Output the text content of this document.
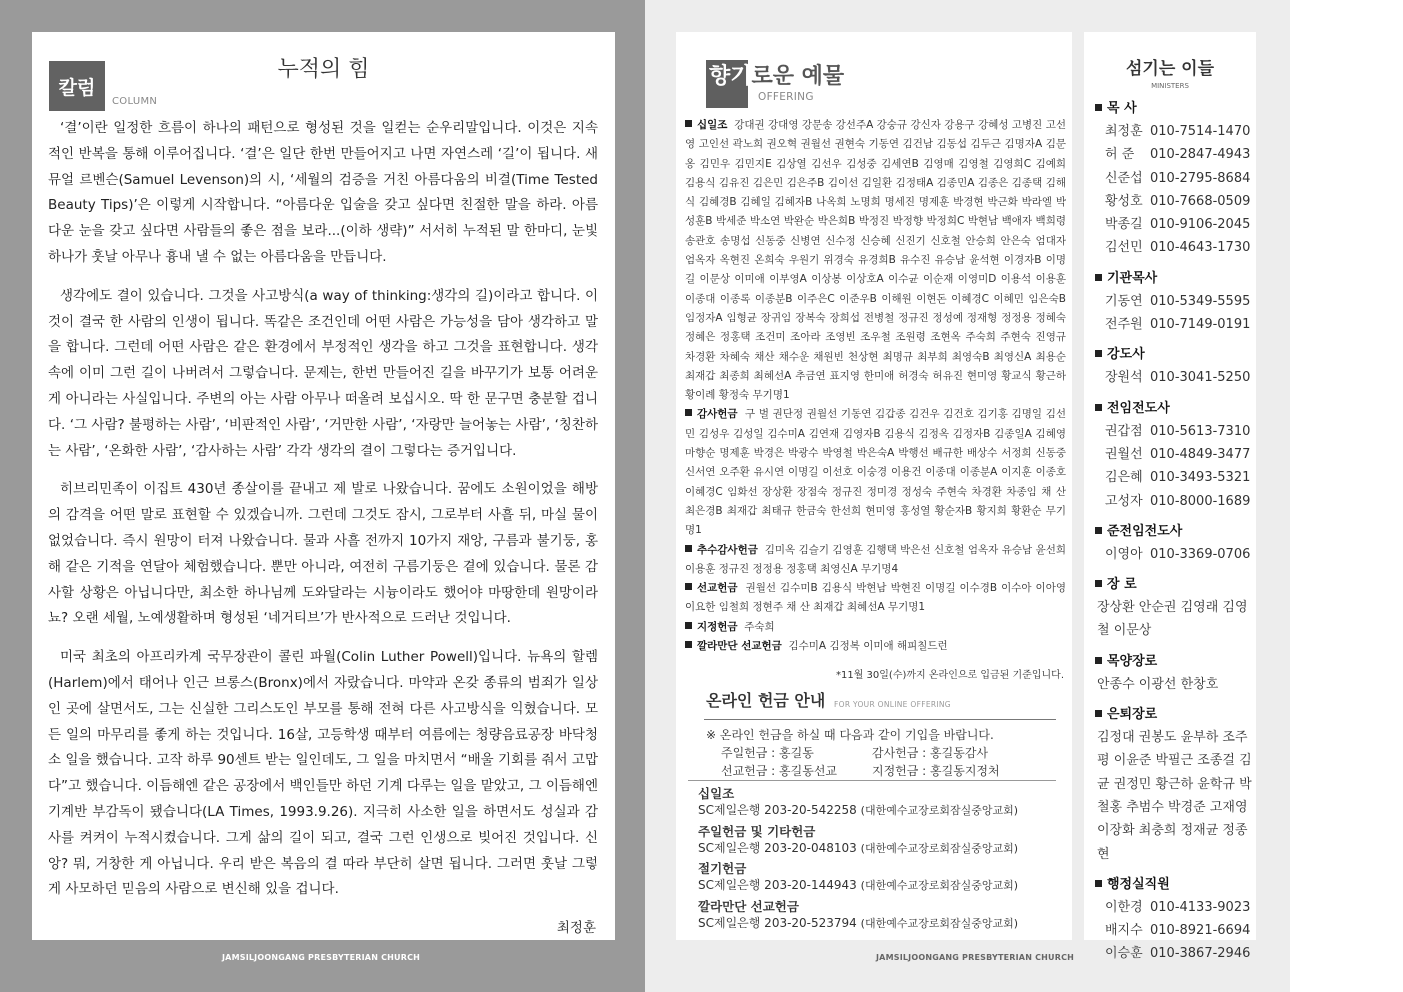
칼럼
COLUMN
누적의 힘

‘결’이란 일정한 흐름이 하나의 패턴으로 형성된 것을 일컫는 순우리말입니다. 이것은 지속적인 반복을 통해 이루어집니다. ‘결’은 일단 한번 만들어지고 나면 자연스레 ‘길’이 됩니다. 새뮤얼 르벤슨(Samuel Levenson)의 시, ‘세월의 검증을 거친 아름다움의 비결(Time Tested Beauty Tips)’은 이렇게 시작합니다. “아름다운 입술을 갖고 싶다면 친절한 말을 하라. 아름다운 눈을 갖고 싶다면 사람들의 좋은 점을 보라...(이하 생략)” 서서히 누적된 말 한마디, 눈빛 하나가 훗날 아무나 흉내 낼 수 없는 아름다움을 만듭니다.

생각에도 결이 있습니다. 그것을 사고방식(a way of thinking:생각의 길)이라고 합니다. 이것이 결국 한 사람의 인생이 됩니다. 똑같은 조건인데 어떤 사람은 가능성을 담아 생각하고 말을 합니다. 그런데 어떤 사람은 같은 환경에서 부정적인 생각을 하고 그것을 표현합니다. 생각 속에 이미 그런 길이 나버려서 그렇습니다. 문제는, 한번 만들어진 길을 바꾸기가 보통 어려운 게 아니라는 사실입니다. 주변의 아는 사람 아무나 떠올려 보십시오. 딱 한 문구면 충분할 겁니다. ‘그 사람? 불평하는 사람’, ‘비판적인 사람’, ‘거만한 사람’, ‘자랑만 늘어놓는 사람’, ‘칭찬하는 사람’, ‘온화한 사람’, ‘감사하는 사람’ 각각 생각의 결이 그렇다는 증거입니다.

히브리민족이 이집트 430년 종살이를 끝내고 제 발로 나왔습니다. 꿈에도 소원이었을 해방의 감격을 어떤 말로 표현할 수 있겠습니까. 그런데 그것도 잠시, 그로부터 사흘 뒤, 마실 물이 없었습니다. 즉시 원망이 터져 나왔습니다. 물과 사흘 전까지 10가지 재앙, 구름과 불기둥, 홍해 같은 기적을 연달아 체험했습니다. 뿐만 아니라, 여전히 구름기둥은 곁에 있습니다. 물론 감사할 상황은 아닙니다만, 최소한 하나님께 도와달라는 시늉이라도 했어야 마땅한데 원망이라뇨? 오랜 세월, 노예생활하며 형성된 ‘네거티브’가 반사적으로 드러난 것입니다.

미국 최초의 아프리카계 국무장관이 콜린 파월(Colin Luther Powell)입니다. 뉴욕의 할렘(Harlem)에서 태어나 인근 브롱스(Bronx)에서 자랐습니다. 마약과 온갖 종류의 범죄가 일상인 곳에 살면서도, 그는 신실한 그리스도인 부모를 통해 전혀 다른 사고방식을 익혔습니다. 모든 일의 마무리를 좋게 하는 것입니다. 16살, 고등학생 때부터 여름에는 청량음료공장 바닥청소 일을 했습니다. 고작 하루 90센트 받는 일인데도, 그 일을 마치면서 “배울 기회를 줘서 고맙다”고 했습니다. 이듬해엔 같은 공장에서 백인들만 하던 기계 다루는 일을 맡았고, 그 이듬해엔 기계반 부감독이 됐습니다(LA Times, 1993.9.26). 지극히 사소한 일을 하면서도 성실과 감사를 켜켜이 누적시켰습니다. 그게 삶의 길이 되고, 결국 그런 인생으로 빚어진 것입니다. 신앙? 뭐, 거창한 게 아닙니다. 우리 받은 복음의 결 따라 부단히 살면 됩니다. 그러면 훗날 그렇게 사모하던 믿음의 사람으로 변신해 있을 겁니다.

최정훈
JAMSILJOONGANG PRESBYTERIAN CHURCH
향기로운 예물
OFFERING

십일조 강대권 강대영 강문송 강선주A 강숭규 강신자 강용구 강혜성 고병진 고선영 고인선 곽노희 권오혁 권월선 권현숙 기동연 김건남 김동섭 김두근 김명자A 김문옹 김민우 김민지E 김상열 김선우 김성중 김세연B 김영매 김영철 김영희C 김예희 김용식 김유진 김은민 김은주B 김이선 김일환 김정태A 김종민A 김종은 김종택 김해식 김혜경B 김혜일 김혜자B 나옥희 노명희 명세진 명제훈 박경현 박근화 박라엘 박성훈B 박세준 박소연 박완순 박은희B 박정진 박정향 박정희C 박현남 백애자 백희령 송관호 송명섭 신동중 신병연 신수정 신승혜 신진기 신호철 안승희 안은숙 엄대자 엄옥자 옥현진 온희숙 우원기 위경숙 유경희B 유수진 유승남 윤석현 이경자B 이명길 이문상 이미애 이부영A 이상봉 이상호A 이수균 이순재 이영미D 이용석 이용훈 이종대 이종록 이종분B 이주은C 이준우B 이해원 이현돈 이혜경C 이혜민 임은숙B 임정자A 임형균 장귀임 장복숙 장희섭 전병철 정규진 정성예 정재형 정정용 정혜숙 정혜은 정홍택 조건미 조아라 조영빈 조우철 조원령 조현옥 주숙희 주현숙 진영규 차경환 차혜숙 채산 채수운 채원빈 천상현 최명규 최부희 최영숙B 최영신A 최용순 최재갑 최종희 최혜선A 추금연 표지영 한미애 허경숙 허유진 현미영 황교식 황근하 황이례 황정숙 무기명1

감사헌금 구 벌 권단정 권월선 기동연 김갑종 김건우 김건호 김기홍 김명일 김선민 김성우 김성일 김수미A 김연재 김영자B 김용식 김정옥 김정자B 김종일A 김혜영 마향순 명제훈 박경은 박광수 박영철 박은숙A 박행선 배규한 배상수 서정희 신동중 신서연 오주환 유시연 이명길 이선호 이숭경 이용건 이종대 이종분A 이지훈 이종호 이혜경C 임화선 장상환 장점숙 정규진 정미경 정성숙 주현숙 차경환 차종임 채 산 최은경B 최재갑 최태규 한금숙 한선희 현미영 홍성열 황순자B 황지희 황환순 무기명1

추수감사헌금 김미옥 김슬기 김영훈 김행택 박은선 신호철 엄옥자 유승남 윤선희 이용훈 정규진 정정용 정홍택 최영신A 무기명4

선교헌금 권월선 김수미B 김용식 박현남 박현진 이명길 이수경B 이수아 이아영 이요한 임철희 정현주 채 산 최재갑 최혜선A 무기명1

지정헌금 주숙희

깔라만단 선교헌금 김수미A 김정복 이미애 해피칠드런

*11월 30일(수)까지 온라인으로 입금된 기준입니다.
온라인 헌금 안내 FOR YOUR ONLINE OFFERING
※ 온라인 헌금을 하실 때 다음과 같이 기입을 바랍니다.
주일헌금 : 홍길동	감사헌금 : 홍길동감사
선교헌금 : 홍길동선교	지정헌금 : 홍길동지정처
십일조
SC제일은행 203-20-542258 (대한예수교장로회잠실중앙교회)
주일헌금 및 기타헌금
SC제일은행 203-20-048103 (대한예수교장로회잠실중앙교회)
절기헌금
SC제일은행 203-20-144943 (대한예수교장로회잠실중앙교회)
깔라만단 선교헌금
SC제일은행 203-20-523794 (대한예수교장로회잠실중앙교회)
섬기는 이들
MINISTERS
목 사
최정훈 010-7514-1470
허 준 010-2847-4943
신준섭 010-2795-8684
황성호 010-7668-0509
박종길 010-9106-2045
김선민 010-4643-1730
기관목사
기동연 010-5349-5595
전주원 010-7149-0191
강도사
장원석 010-3041-5250
전임전도사
권갑점 010-5613-7310
권월선 010-4849-3477
김은혜 010-3493-5321
고성자 010-8000-1689
준전임전도사
이영아 010-3369-0706
장 로
장상환 안순권 김영래 김영철 이문상
목양장로
안종수 이광선 한창호
은퇴장로
김정대 권봉도 윤부하 조주평 이윤준 박필근 조종걸 김 균 권정민 황근하 윤학규 박철홍 추범수 박경준 고재영 이장화 최충희 정재균 정종현
행정실직원
이한경 010-4133-9023
배지수 010-8921-6694
이승훈 010-3867-2946
JAMSILJOONGANG PRESBYTERIAN CHURCH
